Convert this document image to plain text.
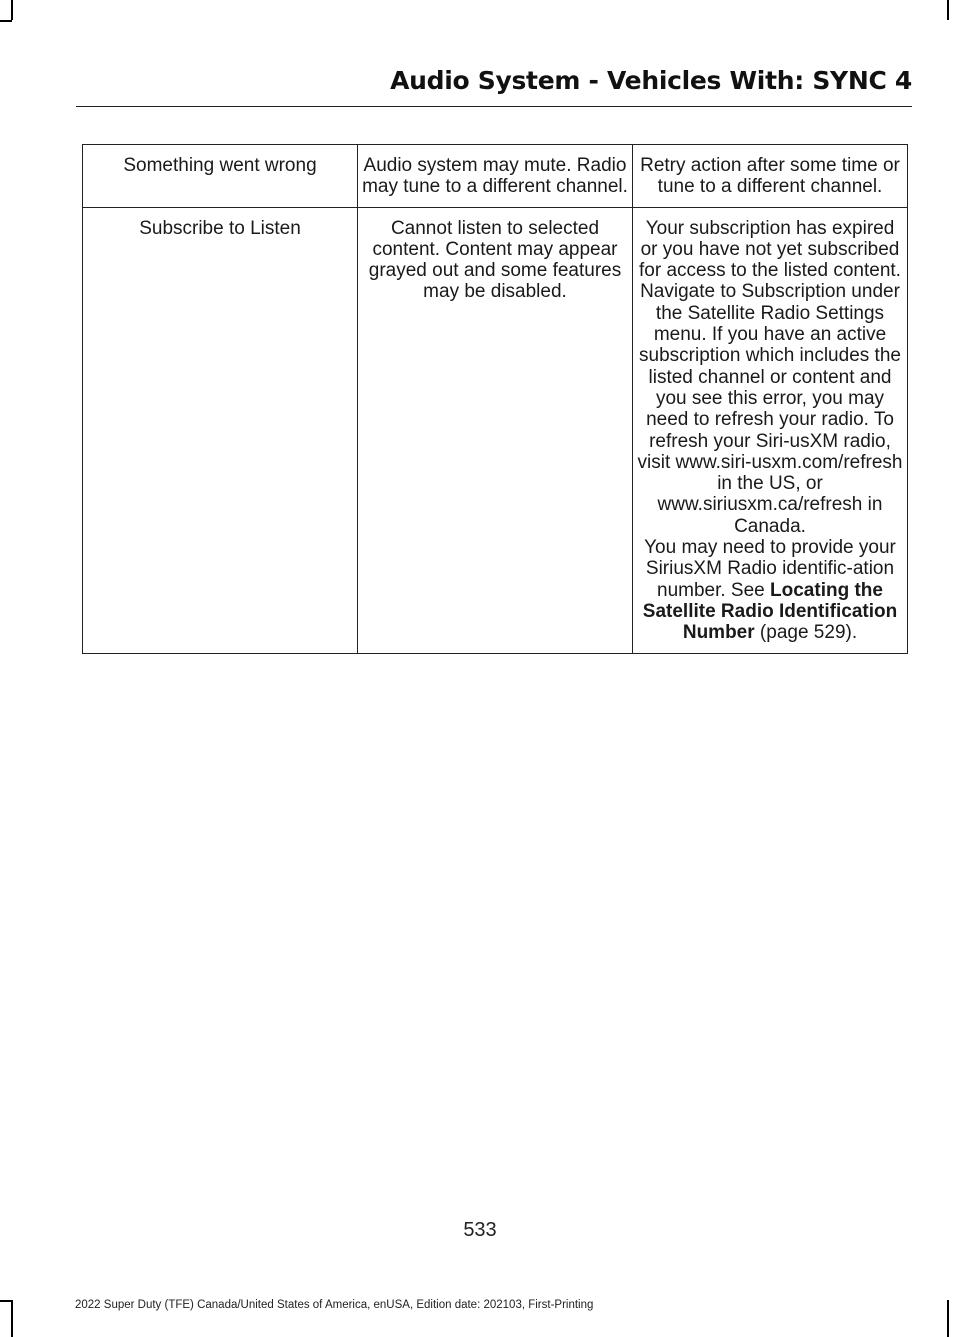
Audio System - Vehicles With: SYNC 4
Something went wrong	Audio system may mute. Radio may tune to a different channel.	Retry action after some time or tune to a different channel.

Subscribe to Listen	Cannot listen to selected content. Content may appear grayed out and some features may be disabled.	Your subscription has expired or you have not yet subscribed for access to the listed content. Navigate to Subscription under the Satellite Radio Settings menu. If you have an active subscription which includes the listed channel or content and you see this error, you may need to refresh your radio. To refresh your Siri-usXM radio, visit www.siri-usxm.com/refresh in the US, or www.siriusxm.ca/refresh in Canada.
You may need to provide your SiriusXM Radio identific-ation number. See Locating the Satellite Radio Identification Number (page 529).
533
2022 Super Duty (TFE) Canada/United States of America, enUSA, Edition date: 202103, First-Printing
